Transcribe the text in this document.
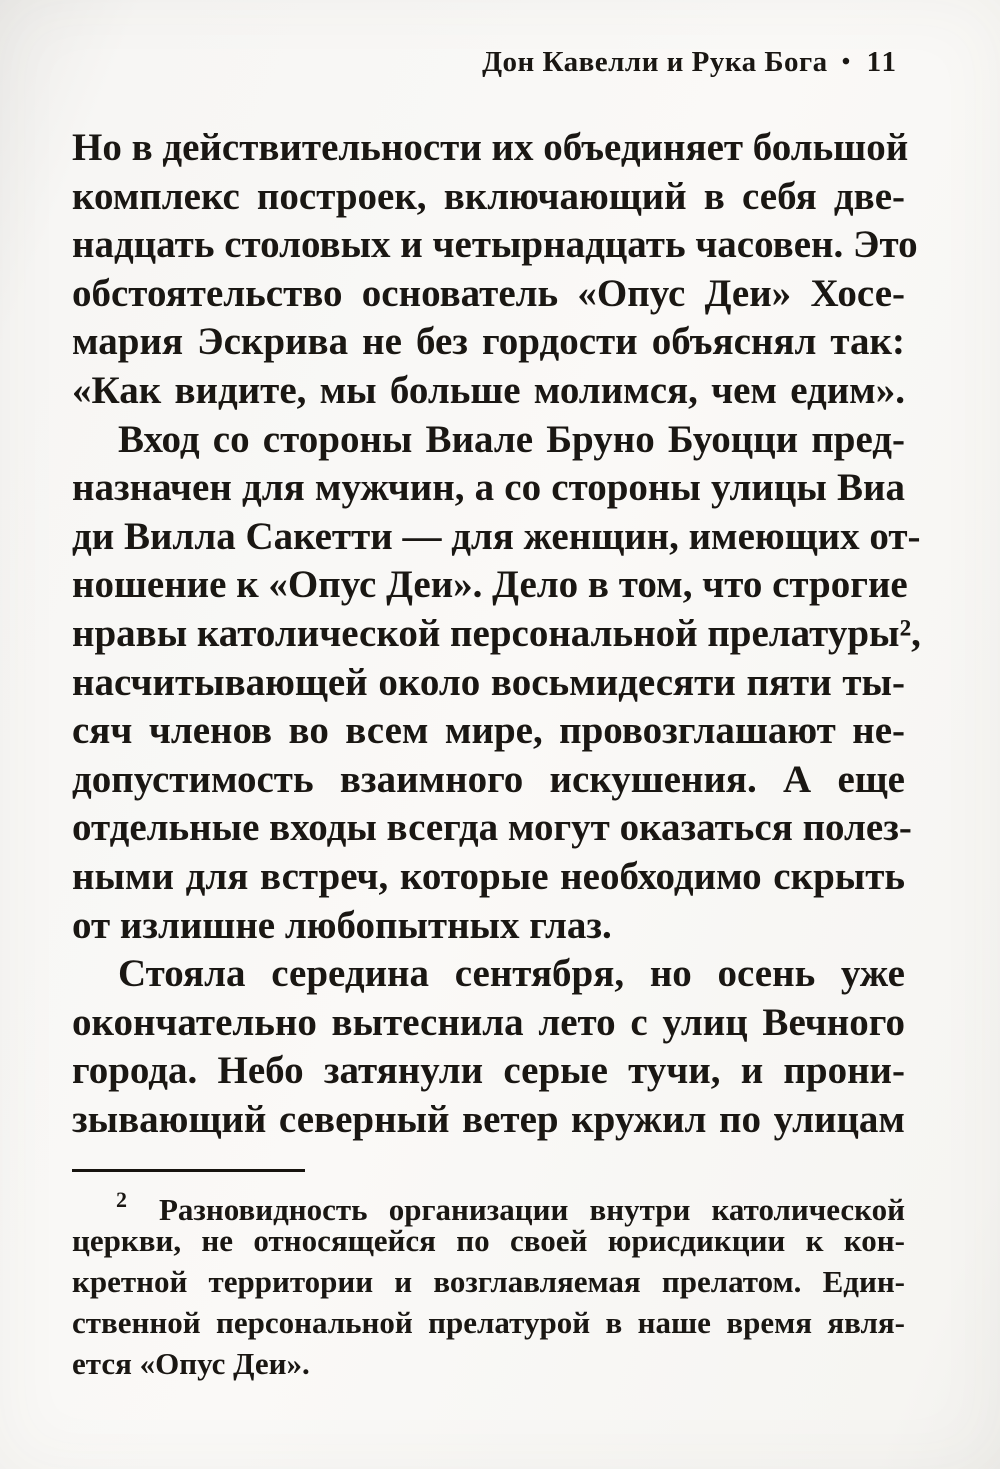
Дон Кавелли и Рука Бога • 11
Но в действительности их объединяет большой
комплекс построек, включающий в себя две-
надцать столовых и четырнадцать часовен. Это
обстоятельство основатель «Опус Деи» Хосе-
мария Эскрива не без гордости объяснял так:
«Как видите, мы больше молимся, чем едим».
Вход со стороны Виале Бруно Буоцци пред-
назначен для мужчин, а со стороны улицы Виа
ди Вилла Сакетти — для женщин, имеющих от-
ношение к «Опус Деи». Дело в том, что строгие
нравы католической персональной прелатуры²,
насчитывающей около восьмидесяти пяти ты-
сяч членов во всем мире, провозглашают не-
допустимость взаимного искушения. А еще
отдельные входы всегда могут оказаться полез-
ными для встреч, которые необходимо скрыть
от излишне любопытных глаз.
Стояла середина сентября, но осень уже
окончательно вытеснила лето с улиц Вечного
города. Небо затянули серые тучи, и прони-
зывающий северный ветер кружил по улицам
$^2$ Разновидность организации внутри католической
церкви, не относящейся по своей юрисдикции к кон-
кретной территории и возглавляемая прелатом. Един-
ственной персональной прелатурой в наше время явля-
ется «Опус Деи».
